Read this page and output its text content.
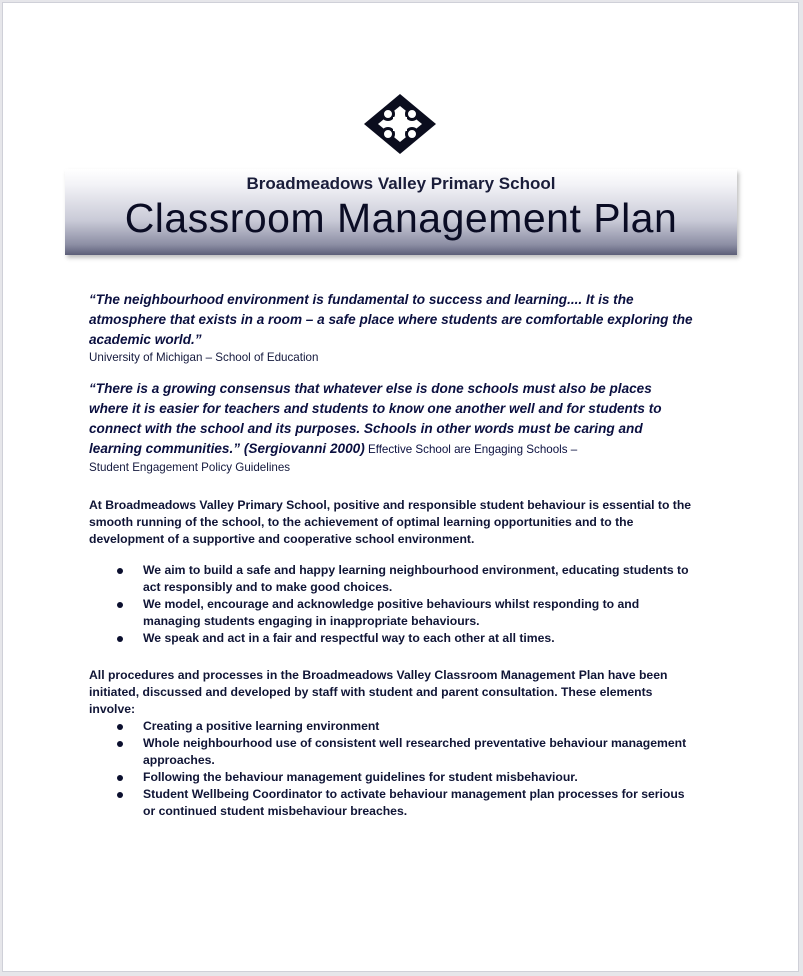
Broadmeadows Valley Primary School
Classroom Management Plan

“The neighbourhood environment is fundamental to success and learning.... It is the atmosphere that exists in a room – a safe place where students are comfortable exploring the academic world.”

University of Michigan – School of Education

“There is a growing consensus that whatever else is done schools must also be places where it is easier for teachers and students to know one another well and for students to connect with the school and its purposes. Schools in other words must be caring and learning communities.” (Sergiovanni 2000) Effective School are Engaging Schools –

Student Engagement Policy Guidelines

At Broadmeadows Valley Primary School, positive and responsible student behaviour is essential to the smooth running of the school, to the achievement of optimal learning opportunities and to the development of a supportive and cooperative school environment.

We aim to build a safe and happy learning neighbourhood environment, educating students to act responsibly and to make good choices.
We model, encourage and acknowledge positive behaviours whilst responding to and managing students engaging in inappropriate behaviours.
We speak and act in a fair and respectful way to each other at all times.

All procedures and processes in the Broadmeadows Valley Classroom Management Plan have been initiated, discussed and developed by staff with student and parent consultation. These elements involve:

Creating a positive learning environment
Whole neighbourhood use of consistent well researched preventative behaviour management approaches.
Following the behaviour management guidelines for student misbehaviour.
Student Wellbeing Coordinator to activate behaviour management plan processes for serious or continued student misbehaviour breaches.
